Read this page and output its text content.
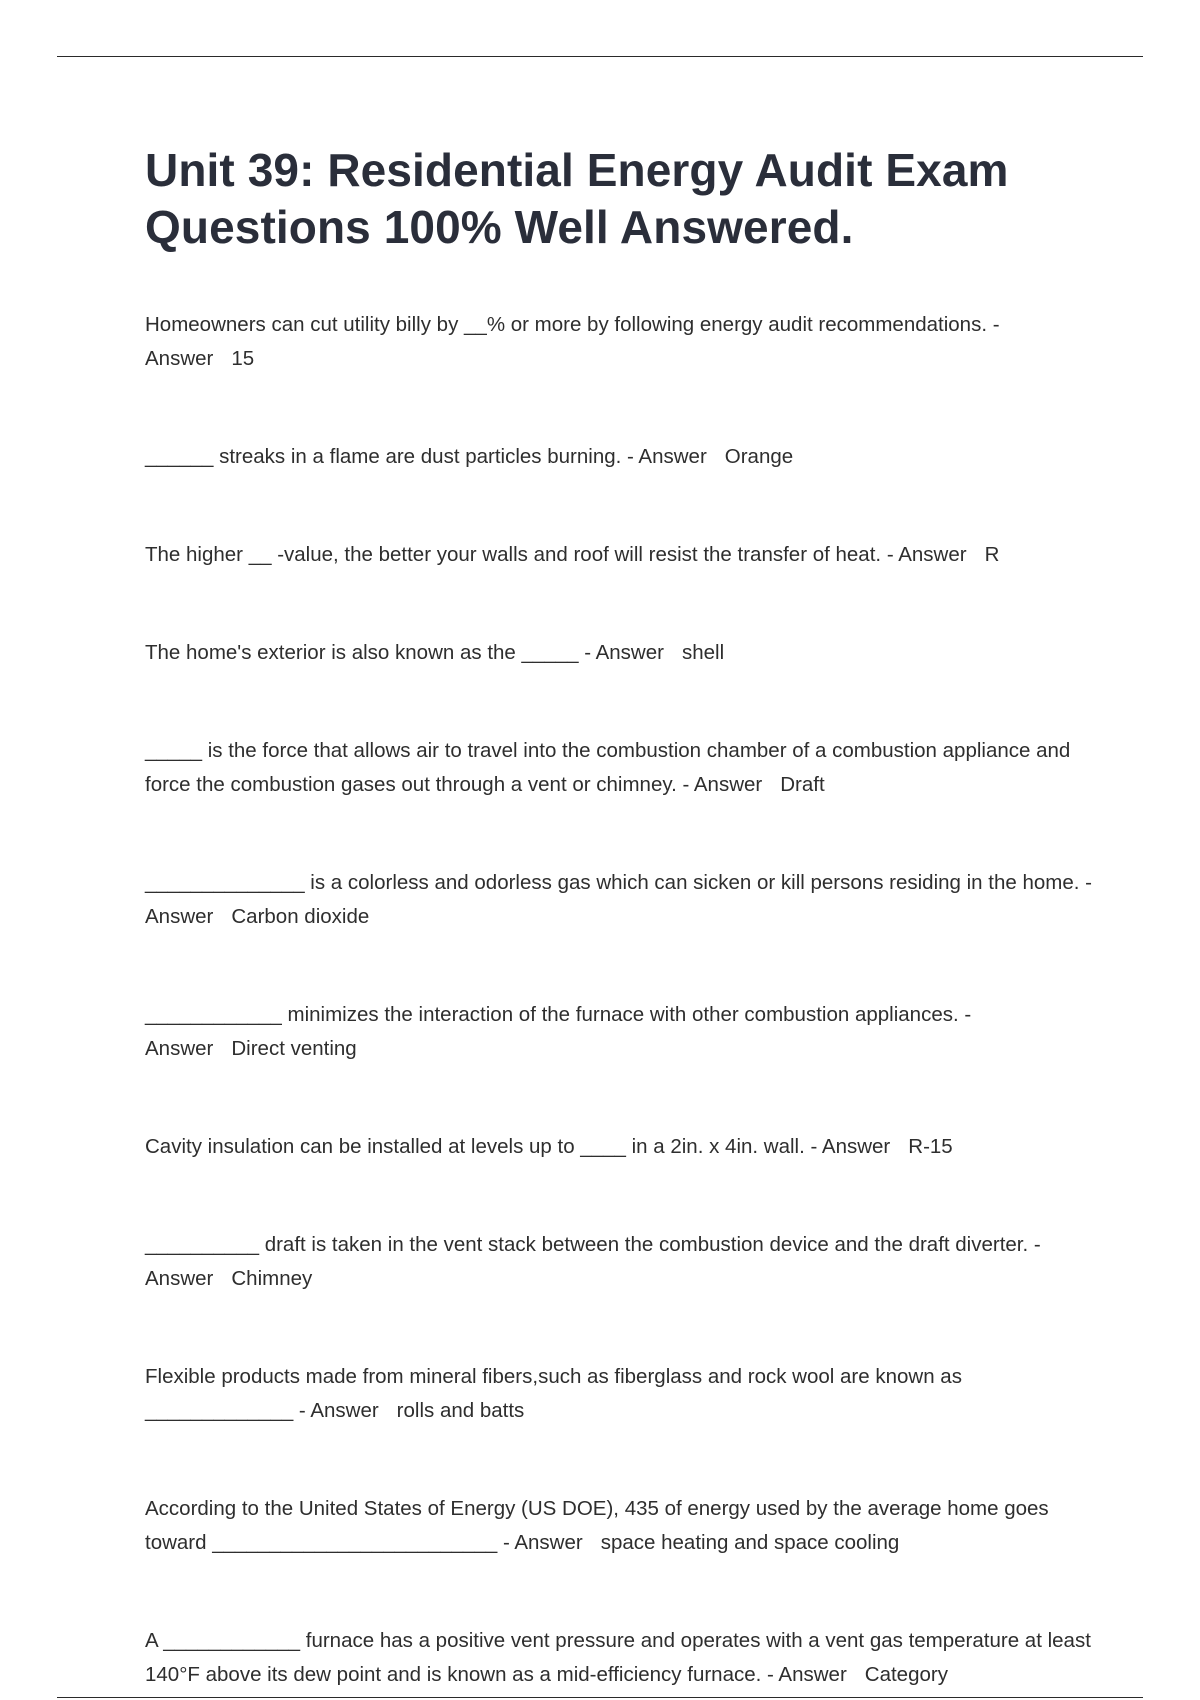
Unit 39: Residential Energy Audit Exam Questions 100% Well Answered.

Homeowners can cut utility billy by __% or more by following energy audit recommendations. - Answer 15

______ streaks in a flame are dust particles burning. - Answer Orange

The higher __ -value, the better your walls and roof will resist the transfer of heat. - Answer R

The home's exterior is also known as the _____ - Answer shell

_____ is the force that allows air to travel into the combustion chamber of a combustion appliance and force the combustion gases out through a vent or chimney. - Answer Draft

______________ is a colorless and odorless gas which can sicken or kill persons residing in the home. - Answer Carbon dioxide

____________ minimizes the interaction of the furnace with other combustion appliances. - Answer Direct venting

Cavity insulation can be installed at levels up to ____ in a 2in. x 4in. wall. - Answer R-15

__________ draft is taken in the vent stack between the combustion device and the draft diverter. - Answer Chimney

Flexible products made from mineral fibers,such as fiberglass and rock wool are known as _____________ - Answer rolls and batts

According to the United States of Energy (US DOE), 435 of energy used by the average home goes toward _________________________ - Answer space heating and space cooling

A ____________ furnace has a positive vent pressure and operates with a vent gas temperature at least 140°F above its dew point and is known as a mid-efficiency furnace. - Answer Category
